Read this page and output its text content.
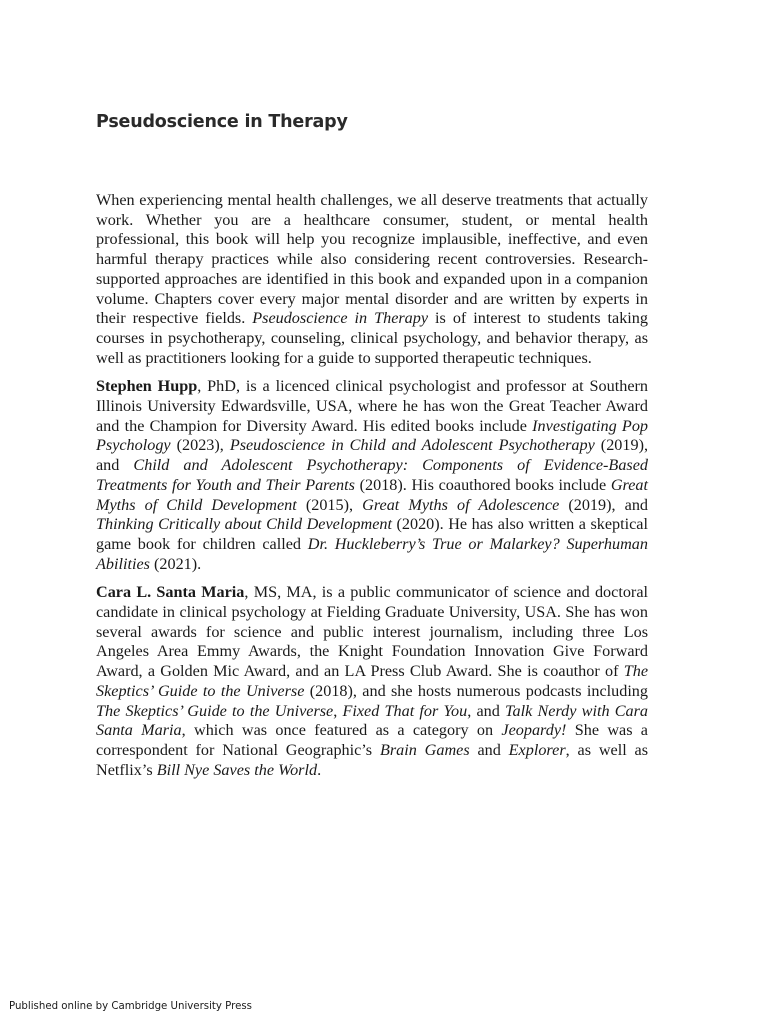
Pseudoscience in Therapy

When experiencing mental health challenges, we all deserve treatments that actually work. Whether you are a healthcare consumer, student, or mental health professional, this book will help you recognize implausible, ineffective, and even harmful therapy practices while also considering recent controversies. Research-supported approaches are identified in this book and expanded upon in a companion volume. Chapters cover every major mental disorder and are written by experts in their respective fields. Pseudoscience in Therapy is of interest to students taking courses in psychotherapy, counseling, clinical psychology, and behavior therapy, as well as practitioners looking for a guide to supported therapeutic techniques.

Stephen Hupp, PhD, is a licenced clinical psychologist and professor at Southern Illinois University Edwardsville, USA, where he has won the Great Teacher Award and the Champion for Diversity Award. His edited books include Investigating Pop Psychology (2023), Pseudoscience in Child and Adolescent Psychotherapy (2019), and Child and Adolescent Psychotherapy: Components of Evidence-Based Treatments for Youth and Their Parents (2018). His coauthored books include Great Myths of Child Development (2015), Great Myths of Adolescence (2019), and Thinking Critically about Child Development (2020). He has also written a skeptical game book for children called Dr. Huckleberry’s True or Malarkey? Superhuman Abilities (2021).

Cara L. Santa Maria, MS, MA, is a public communicator of science and doctoral candidate in clinical psychology at Fielding Graduate University, USA. She has won several awards for science and public interest journalism, including three Los Angeles Area Emmy Awards, the Knight Foundation Innovation Give Forward Award, a Golden Mic Award, and an LA Press Club Award. She is coauthor of The Skeptics’ Guide to the Universe (2018), and she hosts numerous podcasts including The Skeptics’ Guide to the Universe, Fixed That for You, and Talk Nerdy with Cara Santa Maria, which was once featured as a category on Jeopardy! She was a correspondent for National Geographic’s Brain Games and Explorer, as well as Netflix’s Bill Nye Saves the World.

Published online by Cambridge University Press
